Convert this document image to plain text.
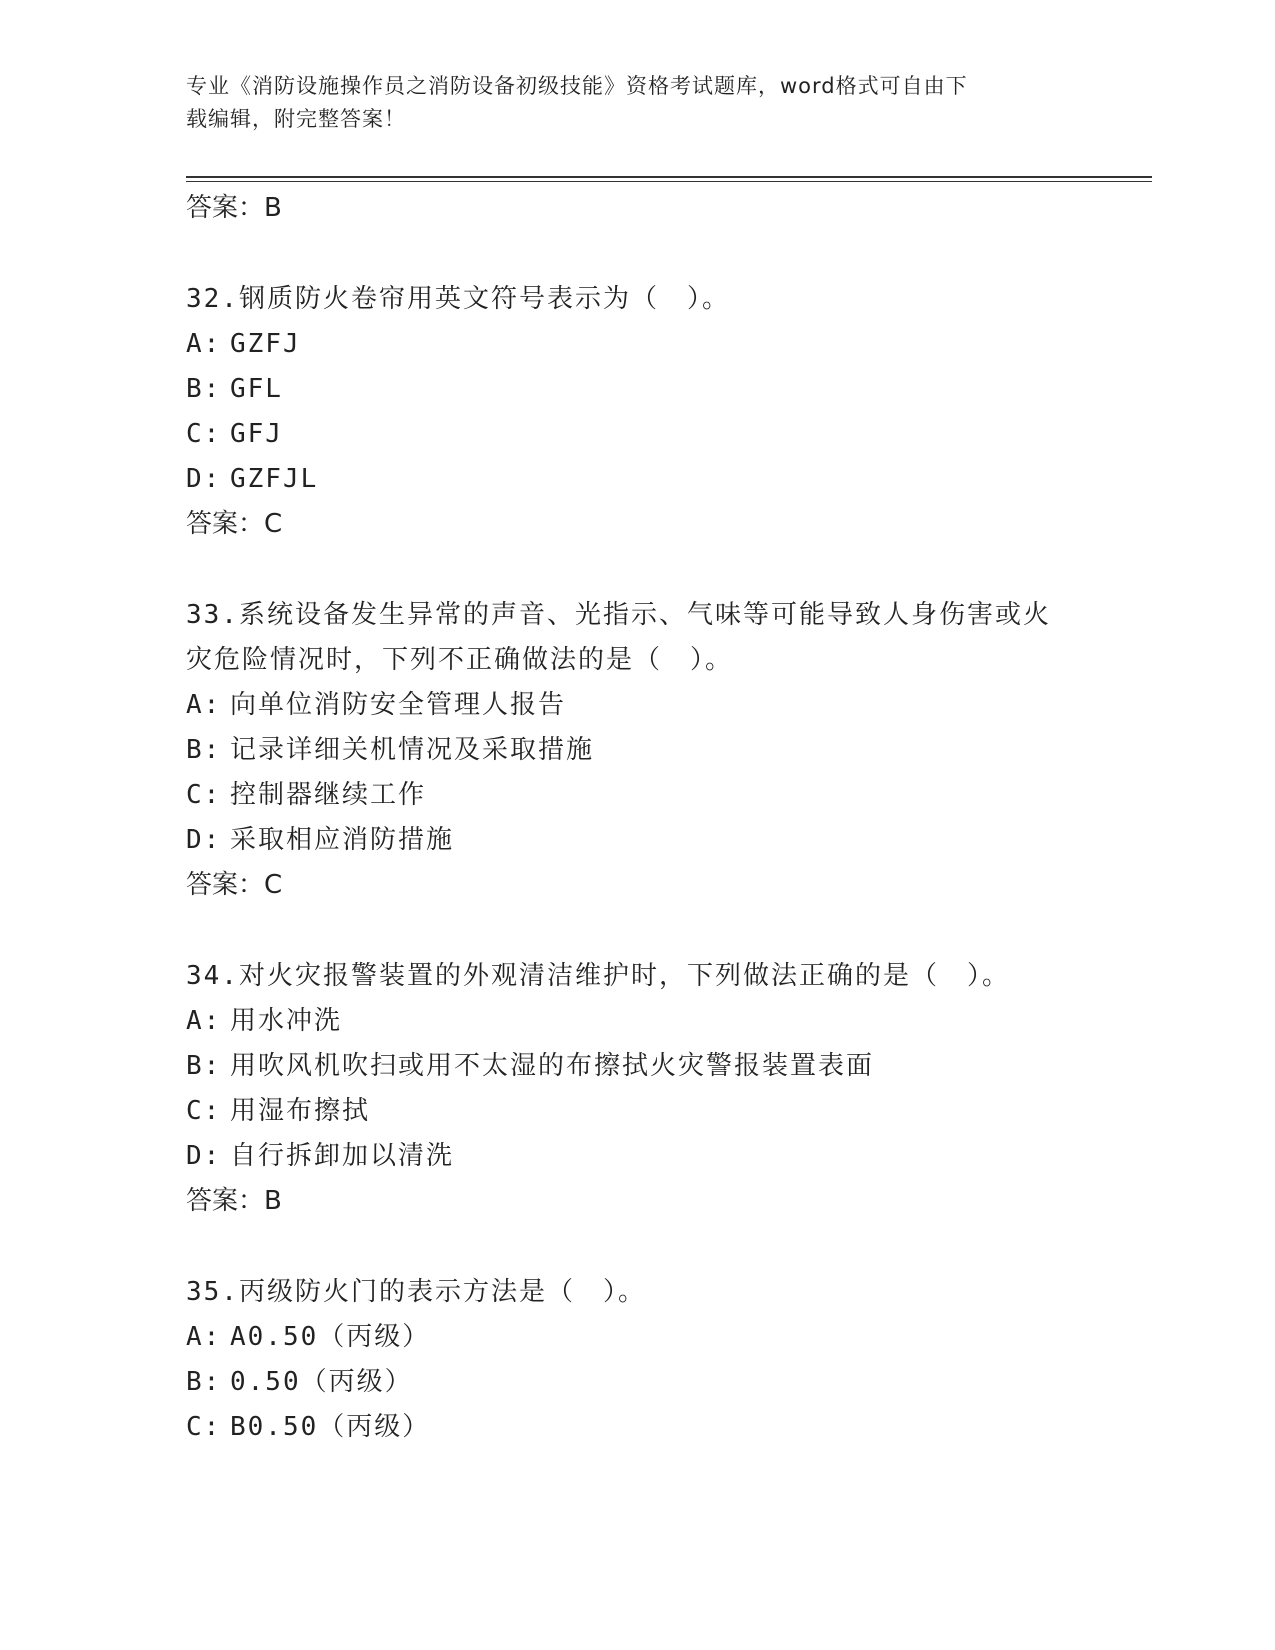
专业《消防设施操作员之消防设备初级技能》资格考试题库，word格式可自由下
载编辑，附完整答案！
答案：B
32.钢质防火卷帘用英文符号表示为（　）。
A: GZFJ
B: GFL
C: GFJ
D: GZFJL
答案：C
33.系统设备发生异常的声音、光指示、气味等可能导致人身伤害或火
灾危险情况时，下列不正确做法的是（　）。
A: 向单位消防安全管理人报告
B: 记录详细关机情况及采取措施
C: 控制器继续工作
D: 采取相应消防措施
答案：C
34.对火灾报警装置的外观清洁维护时，下列做法正确的是（　）。
A: 用水冲洗
B: 用吹风机吹扫或用不太湿的布擦拭火灾警报装置表面
C: 用湿布擦拭
D: 自行拆卸加以清洗
答案：B
35.丙级防火门的表示方法是（　）。
A: A0.50（丙级）
B: 0.50（丙级）
C: B0.50（丙级）
